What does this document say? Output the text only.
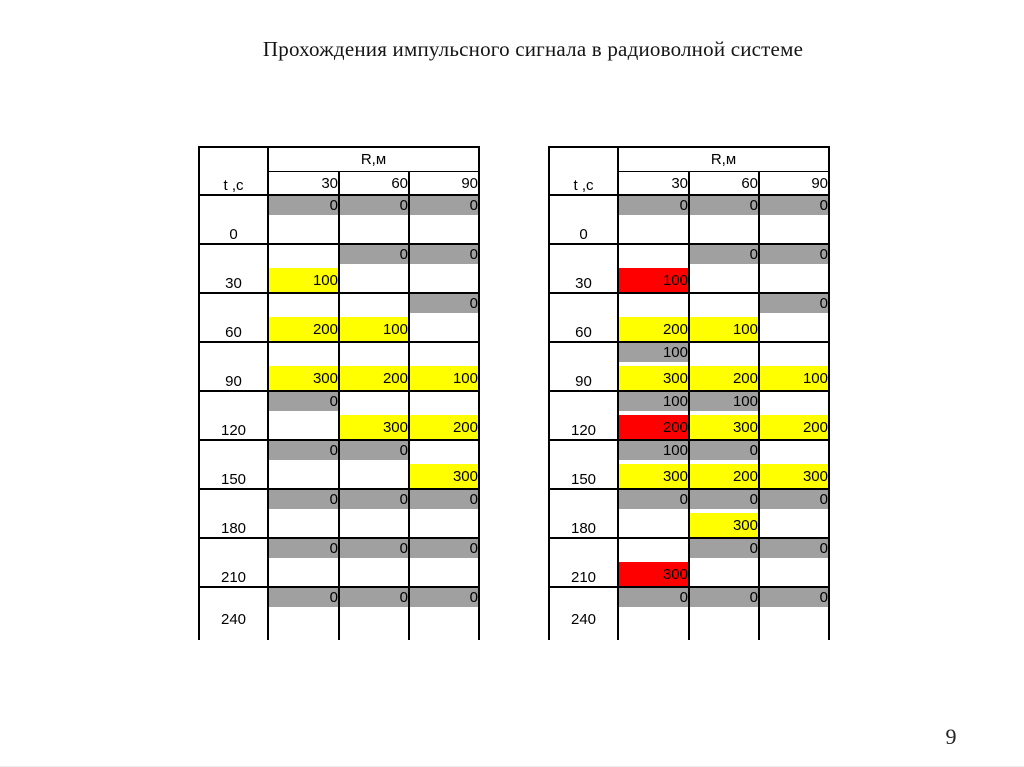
Прохождения импульсного сигнала в радиоволной системе
t ,с	R,м		
	30	60	90
0	0	0	0

30		0	0
	100		
60			0
	200	100	
90			
	300	200	100
120	0		
		300	200
150	0	0	
			300
180	0	0	0

210	0	0	0

240	0	0	0

t ,с	R,м		
	30	60	90
0	0	0	0

30		0	0
	100		
60			0
	200	100	
90	100		
	300	200	100
120	100	100	
	200	300	200
150	100	0	
	300	200	300
180	0	0	0
		300	
210		0	0
	300		
240	0	0	0

9
